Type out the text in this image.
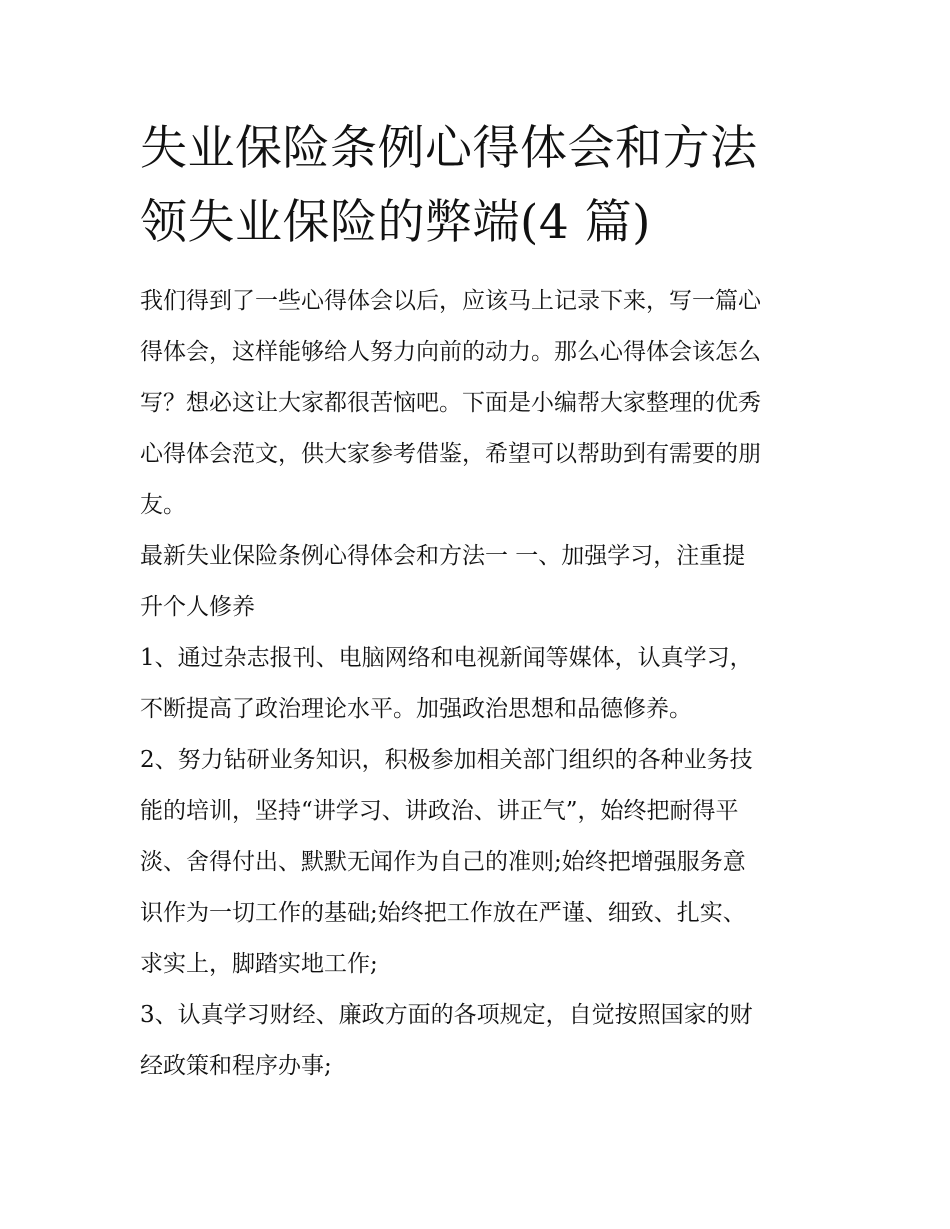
失业保险条例心得体会和方法
领失业保险的弊端(4 篇)

我们得到了一些心得体会以后，应该马上记录下来，写一篇心
得体会，这样能够给人努力向前的动力。那么心得体会该怎么
写？想必这让大家都很苦恼吧。下面是小编帮大家整理的优秀
心得体会范文，供大家参考借鉴，希望可以帮助到有需要的朋
友。

最新失业保险条例心得体会和方法一 一、加强学习，注重提
升个人修养

1、通过杂志报刊、电脑网络和电视新闻等媒体，认真学习，
不断提高了政治理论水平。加强政治思想和品德修养。

2、努力钻研业务知识，积极参加相关部门组织的各种业务技
能的培训，坚持“讲学习、讲政治、讲正气”，始终把耐得平
淡、舍得付出、默默无闻作为自己的准则;始终把增强服务意
识作为一切工作的基础;始终把工作放在严谨、细致、扎实、
求实上，脚踏实地工作;

3、认真学习财经、廉政方面的各项规定，自觉按照国家的财
经政策和程序办事;
